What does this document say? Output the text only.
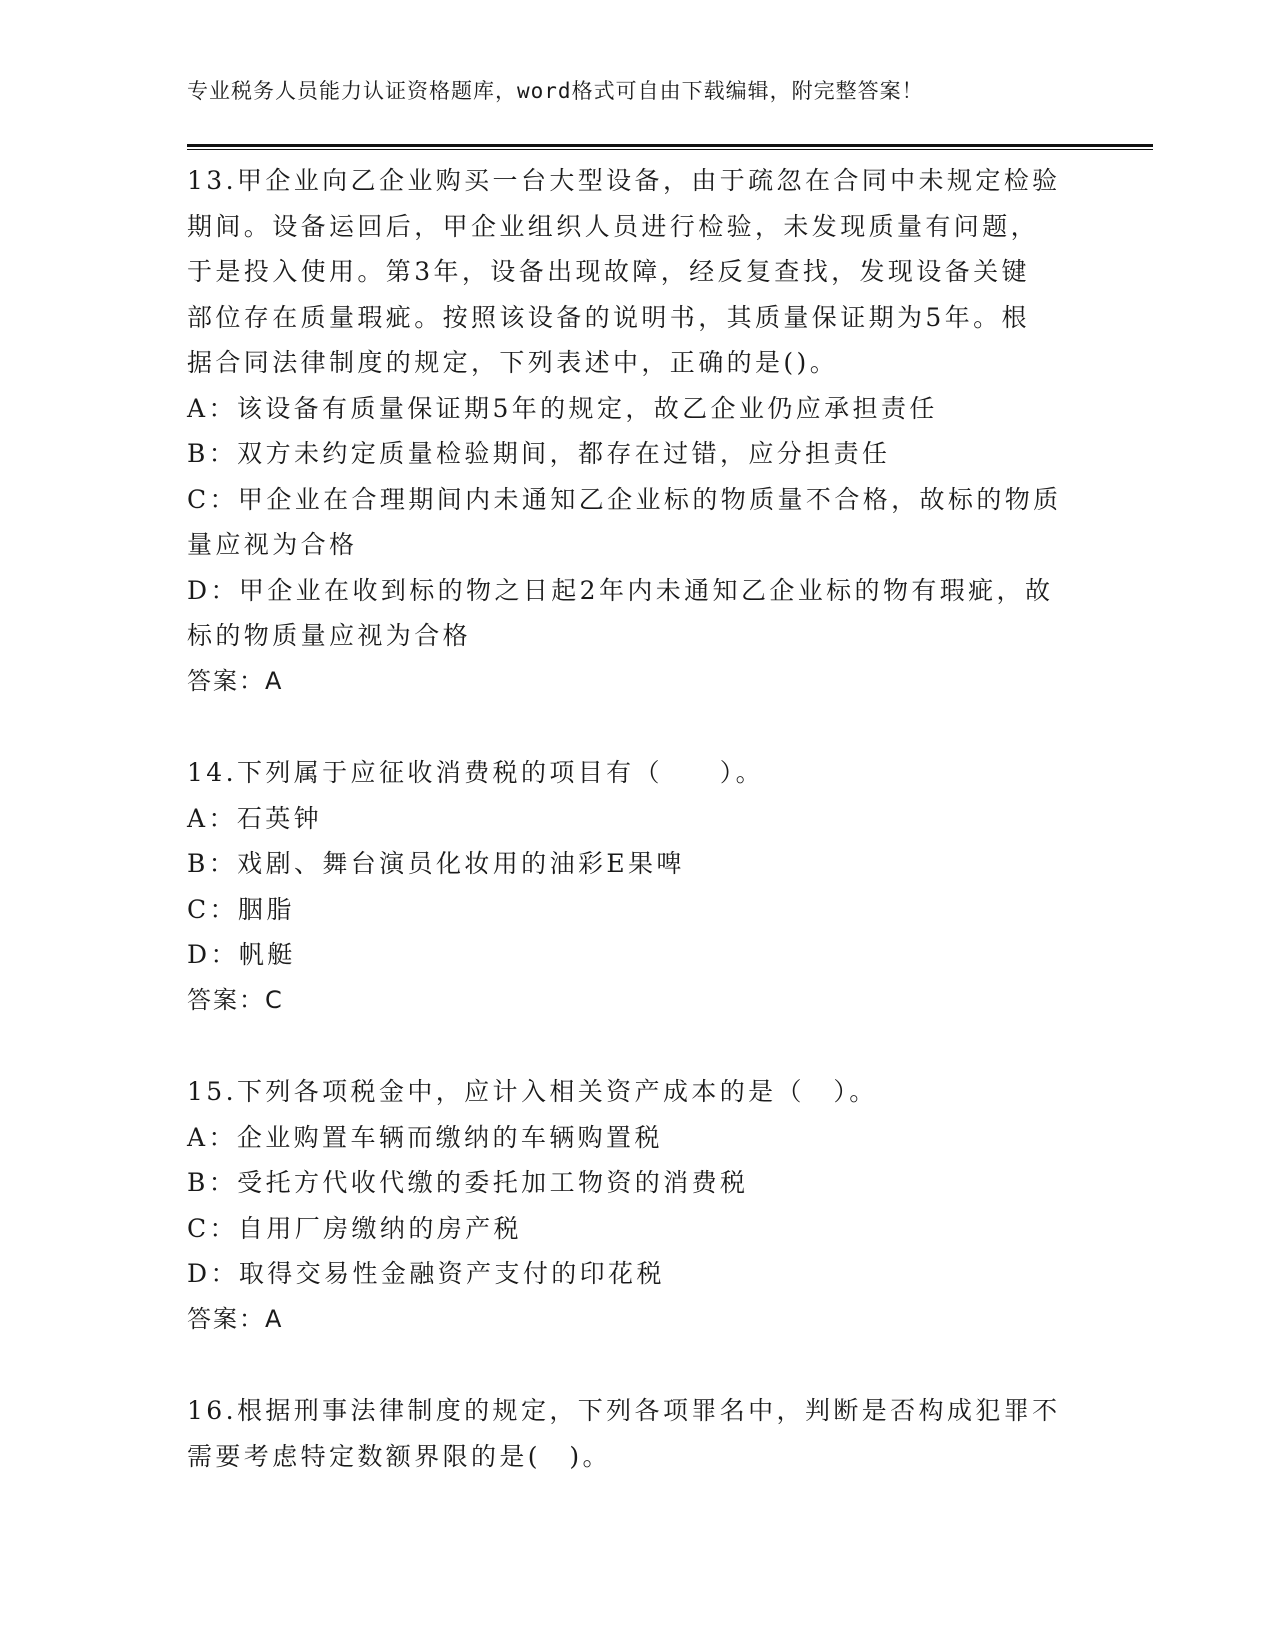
专业税务人员能力认证资格题库，word格式可自由下载编辑，附完整答案！

13.甲企业向乙企业购买一台大型设备，由于疏忽在合同中未规定检验

期间。设备运回后，甲企业组织人员进行检验，未发现质量有问题，

于是投入使用。第3年，设备出现故障，经反复查找，发现设备关键

部位存在质量瑕疵。按照该设备的说明书，其质量保证期为5年。根

据合同法律制度的规定，下列表述中，正确的是()。

A：该设备有质量保证期5年的规定，故乙企业仍应承担责任

B：双方未约定质量检验期间，都存在过错，应分担责任

C：甲企业在合理期间内未通知乙企业标的物质量不合格，故标的物质

量应视为合格

D：甲企业在收到标的物之日起2年内未通知乙企业标的物有瑕疵，故

标的物质量应视为合格

答案：A

14.下列属于应征收消费税的项目有（　　）。

A：石英钟

B：戏剧、舞台演员化妆用的油彩E果啤

C：胭脂

D：帆艇

答案：C

15.下列各项税金中，应计入相关资产成本的是（　）。

A：企业购置车辆而缴纳的车辆购置税

B：受托方代收代缴的委托加工物资的消费税

C：自用厂房缴纳的房产税

D：取得交易性金融资产支付的印花税

答案：A

16.根据刑事法律制度的规定，下列各项罪名中，判断是否构成犯罪不

需要考虑特定数额界限的是(　)。
